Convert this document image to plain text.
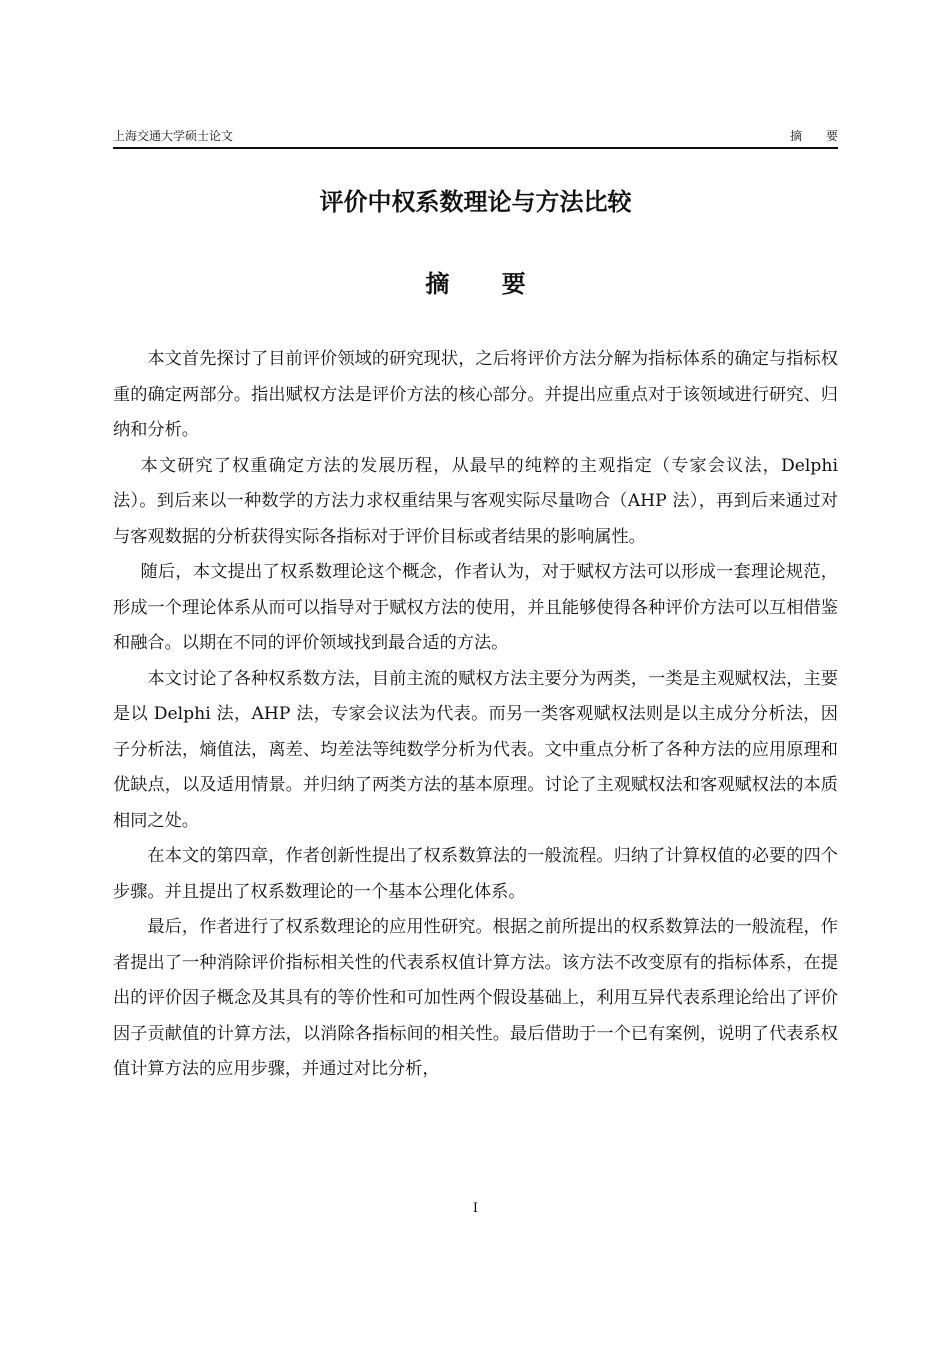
上海交通大学硕士论文	摘 要
评价中权系数理论与方法比较
摘 要

本文首先探讨了目前评价领域的研究现状，之后将评价方法分解为指标体系的确定与指标权重的确定两部分。指出赋权方法是评价方法的核心部分。并提出应重点对于该领域进行研究、归纳和分析。

本文研究了权重确定方法的发展历程，从最早的纯粹的主观指定（专家会议法，Delphi 法）。到后来以一种数学的方法力求权重结果与客观实际尽量吻合（AHP 法），再到后来通过对与客观数据的分析获得实际各指标对于评价目标或者结果的影响属性。

随后，本文提出了权系数理论这个概念，作者认为，对于赋权方法可以形成一套理论规范，形成一个理论体系从而可以指导对于赋权方法的使用，并且能够使得各种评价方法可以互相借鉴和融合。以期在不同的评价领域找到最合适的方法。

本文讨论了各种权系数方法，目前主流的赋权方法主要分为两类，一类是主观赋权法，主要是以 Delphi 法，AHP 法，专家会议法为代表。而另一类客观赋权法则是以主成分分析法，因子分析法，熵值法，离差、均差法等纯数学分析为代表。文中重点分析了各种方法的应用原理和优缺点，以及适用情景。并归纳了两类方法的基本原理。讨论了主观赋权法和客观赋权法的本质相同之处。

在本文的第四章，作者创新性提出了权系数算法的一般流程。归纳了计算权值的必要的四个步骤。并且提出了权系数理论的一个基本公理化体系。

最后，作者进行了权系数理论的应用性研究。根据之前所提出的权系数算法的一般流程，作者提出了一种消除评价指标相关性的代表系权值计算方法。该方法不改变原有的指标体系，在提出的评价因子概念及其具有的等价性和可加性两个假设基础上，利用互异代表系理论给出了评价因子贡献值的计算方法，以消除各指标间的相关性。最后借助于一个已有案例，说明了代表系权值计算方法的应用步骤，并通过对比分析，

I
